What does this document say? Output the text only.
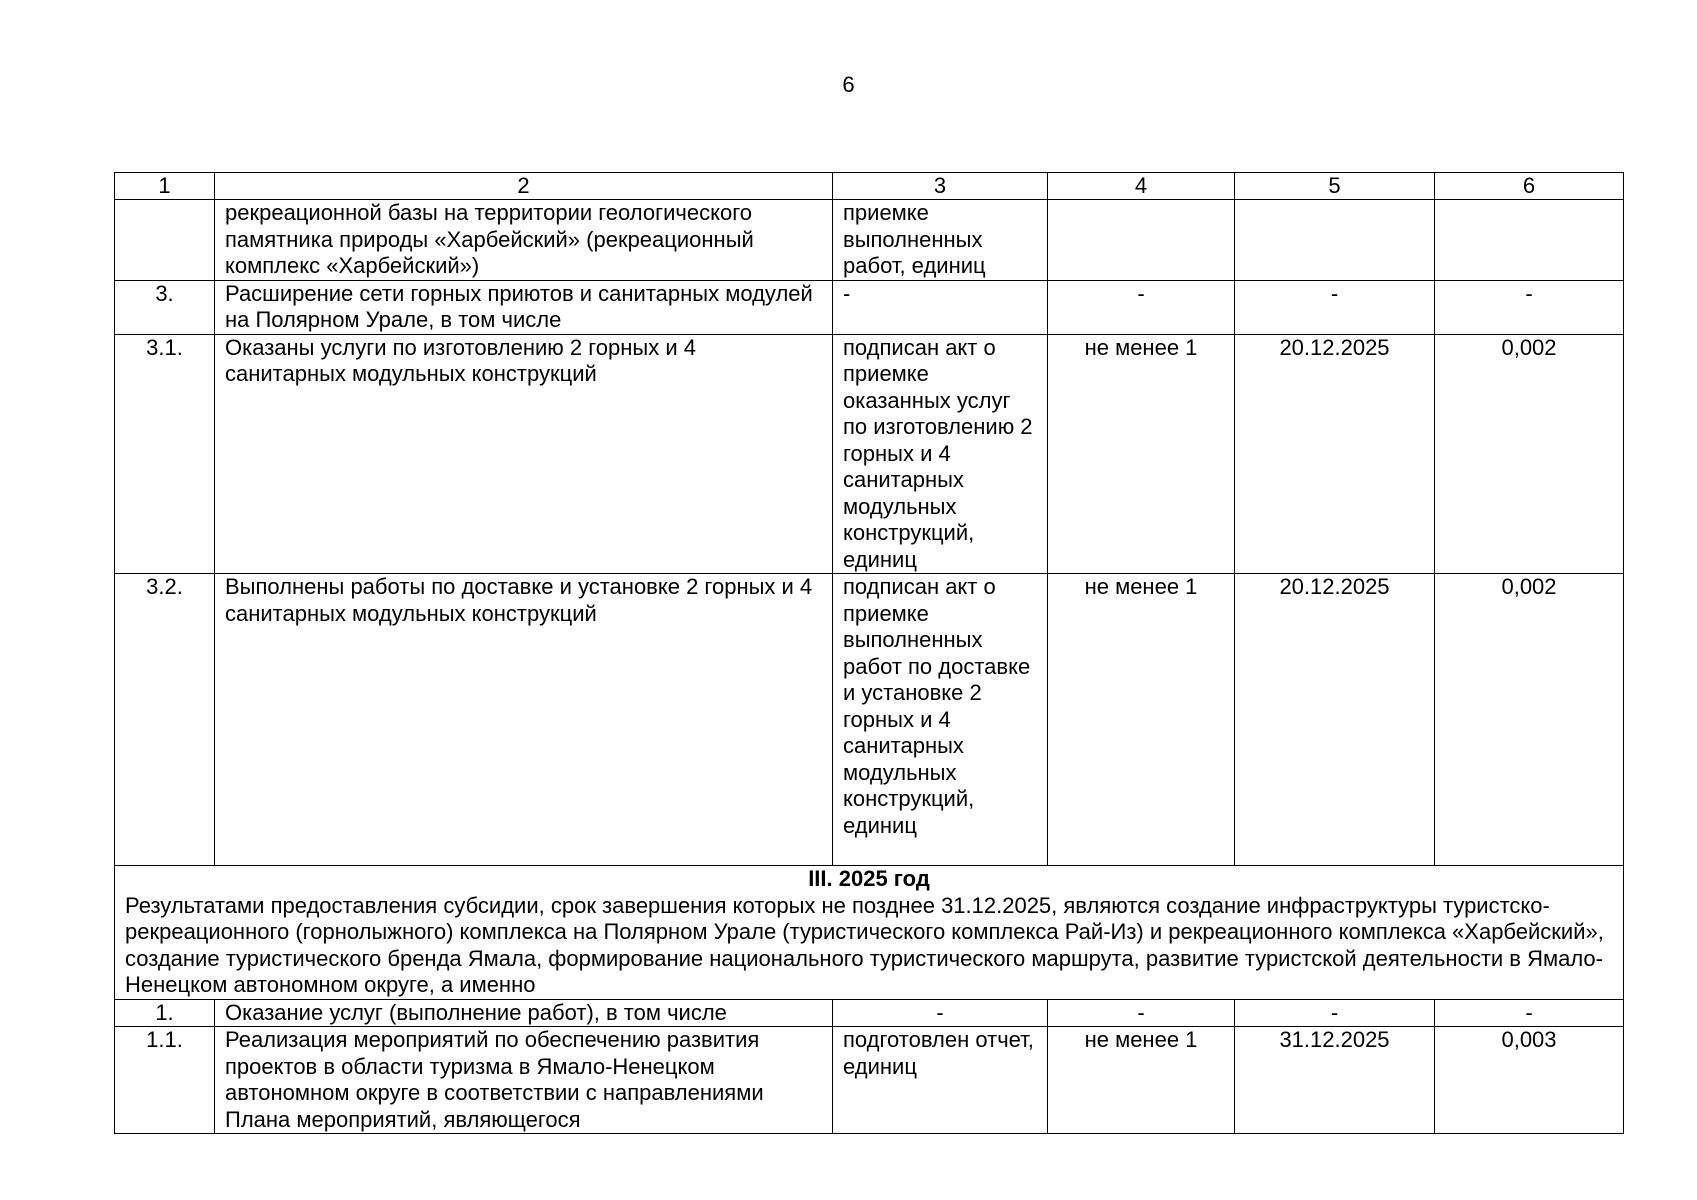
6
1	2	3	4	5	6
	рекреационной базы на территории геологического памятника природы «Харбейский» (рекреационный комплекс «Харбейский»)	приемке выполненных работ, единиц			
3.	Расширение сети горных приютов и санитарных модулей на Полярном Урале, в том числе	-	-	-	-
3.1.	Оказаны услуги по изготовлению 2 горных и 4 санитарных модульных конструкций	подписан акт о приемке оказанных услуг по изготовлению 2 горных и 4 санитарных модульных конструкций, единиц	не менее 1	20.12.2025	0,002
3.2.	Выполнены работы по доставке и установке 2 горных и 4 санитарных модульных конструкций	подписан акт о приемке выполненных работ по доставке и установке 2 горных и 4 санитарных модульных конструкций, единиц	не менее 1	20.12.2025	0,002

III. 2025 год
Результатами предоставления субсидии, срок завершения которых не позднее 31.12.2025, являются создание инфраструктуры туристско-рекреационного (горнолыжного) комплекса на Полярном Урале (туристического комплекса Рай-Из) и рекреационного комплекса «Харбейский», создание туристического бренда Ямала, формирование национального туристического маршрута, развитие туристской деятельности в Ямало-Ненецком автономном округе, а именно					

1.	Оказание услуг (выполнение работ), в том числе	-	-	-	-
1.1.	Реализация мероприятий по обеспечению развития проектов в области туризма в Ямало-Ненецком автономном округе в соответствии с направлениями Плана мероприятий, являющегося	подготовлен отчет, единиц	не менее 1	31.12.2025	0,003
